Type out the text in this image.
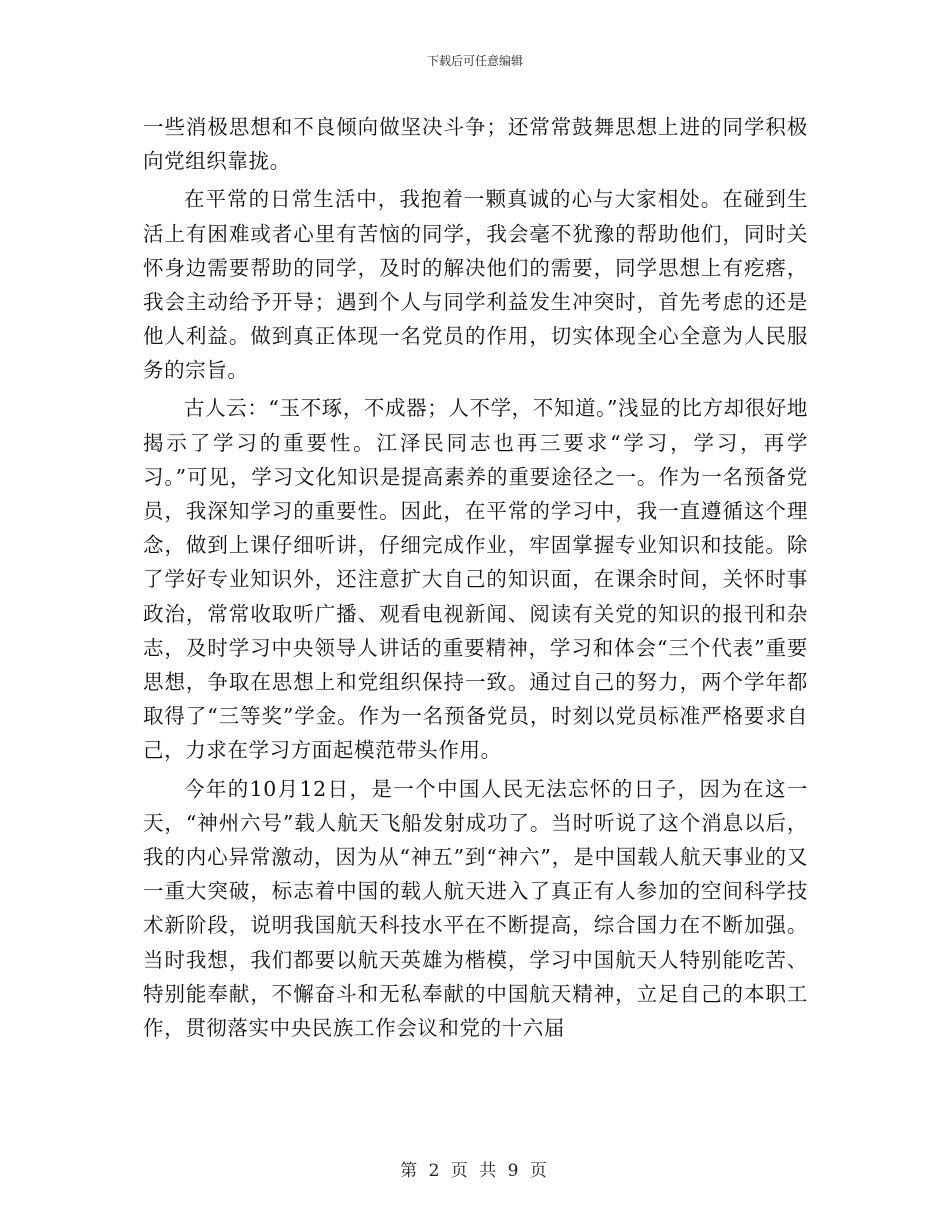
下载后可任意编辑

一些消极思想和不良倾向做坚决斗争；还常常鼓舞思想上进的同学积极向党组织靠拢。

在平常的日常生活中，我抱着一颗真诚的心与大家相处。在碰到生活上有困难或者心里有苦恼的同学，我会毫不犹豫的帮助他们，同时关怀身边需要帮助的同学，及时的解决他们的需要，同学思想上有疙瘩，我会主动给予开导；遇到个人与同学利益发生冲突时，首先考虑的还是他人利益。做到真正体现一名党员的作用，切实体现全心全意为人民服务的宗旨。

古人云：“玉不琢，不成器；人不学，不知道。”浅显的比方却很好地揭示了学习的重要性。江泽民同志也再三要求“学习，学习，再学习。”可见，学习文化知识是提高素养的重要途径之一。作为一名预备党员，我深知学习的重要性。因此，在平常的学习中，我一直遵循这个理念，做到上课仔细听讲，仔细完成作业，牢固掌握专业知识和技能。除了学好专业知识外，还注意扩大自己的知识面，在课余时间，关怀时事政治，常常收取听广播、观看电视新闻、阅读有关党的知识的报刊和杂志，及时学习中央领导人讲话的重要精神，学习和体会“三个代表”重要思想，争取在思想上和党组织保持一致。通过自己的努力，两个学年都取得了“三等奖”学金。作为一名预备党员，时刻以党员标准严格要求自己，力求在学习方面起模范带头作用。

今年的10月12日，是一个中国人民无法忘怀的日子，因为在这一天，“神州六号”载人航天飞船发射成功了。当时听说了这个消息以后，我的内心异常激动，因为从“神五”到“神六”，是中国载人航天事业的又一重大突破，标志着中国的载人航天进入了真正有人参加的空间科学技术新阶段，说明我国航天科技水平在不断提高，综合国力在不断加强。当时我想，我们都要以航天英雄为楷模，学习中国航天人特别能吃苦、特别能奉献，不懈奋斗和无私奉献的中国航天精神，立足自己的本职工作，贯彻落实中央民族工作会议和党的十六届

第 2 页 共 9 页
